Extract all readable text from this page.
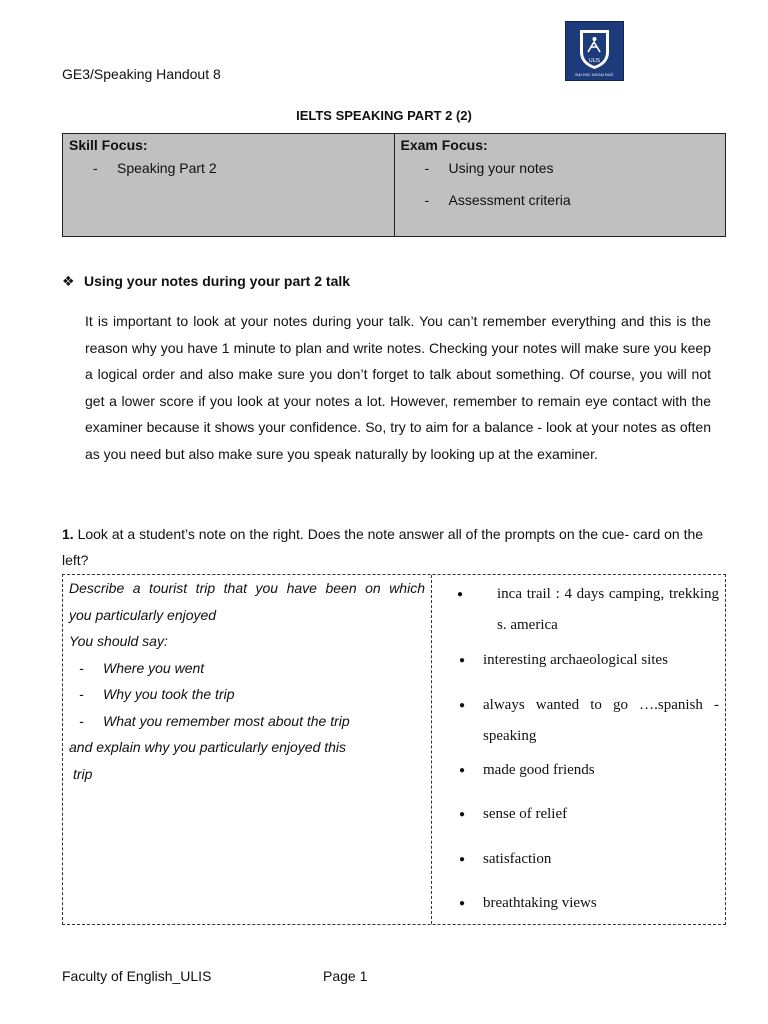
GE3/Speaking Handout 8
ULIS
ĐẠI HỌC NGOẠI NGỮ
IELTS SPEAKING PART 2 (2)
Skill Focus:
- Speaking Part 2

Exam Focus:
- Using your notes
- Assessment criteria
❖ Using your notes during your part 2 talk
It is important to look at your notes during your talk. You can’t remember everything and this is the reason why you have 1 minute to plan and write notes. Checking your notes will make sure you keep a logical order and also make sure you don’t forget to talk about something. Of course, you will not get a lower score if you look at your notes a lot. However, remember to remain eye contact with the examiner because it shows your confidence. So, try to aim for a balance - look at your notes as often as you need but also make sure you speak naturally by looking up at the examiner.
1. Look at a student’s note on the right. Does the note answer all of the prompts on the cue- card on the left?
Describe a tourist trip that you have been on which
you particularly enjoyed
You should say:
- Where you went
- Why you took the trip
- What you remember most about the trip
and explain why you particularly enjoyed this
trip
●	inca trail : 4 days camping, trekking s. america
●	interesting archaeological sites
●	always wanted to go ….spanish - speaking
●	made good friends
●	sense of relief
●	satisfaction
●	breathtaking views
Faculty of English_ULIS	Page 1
